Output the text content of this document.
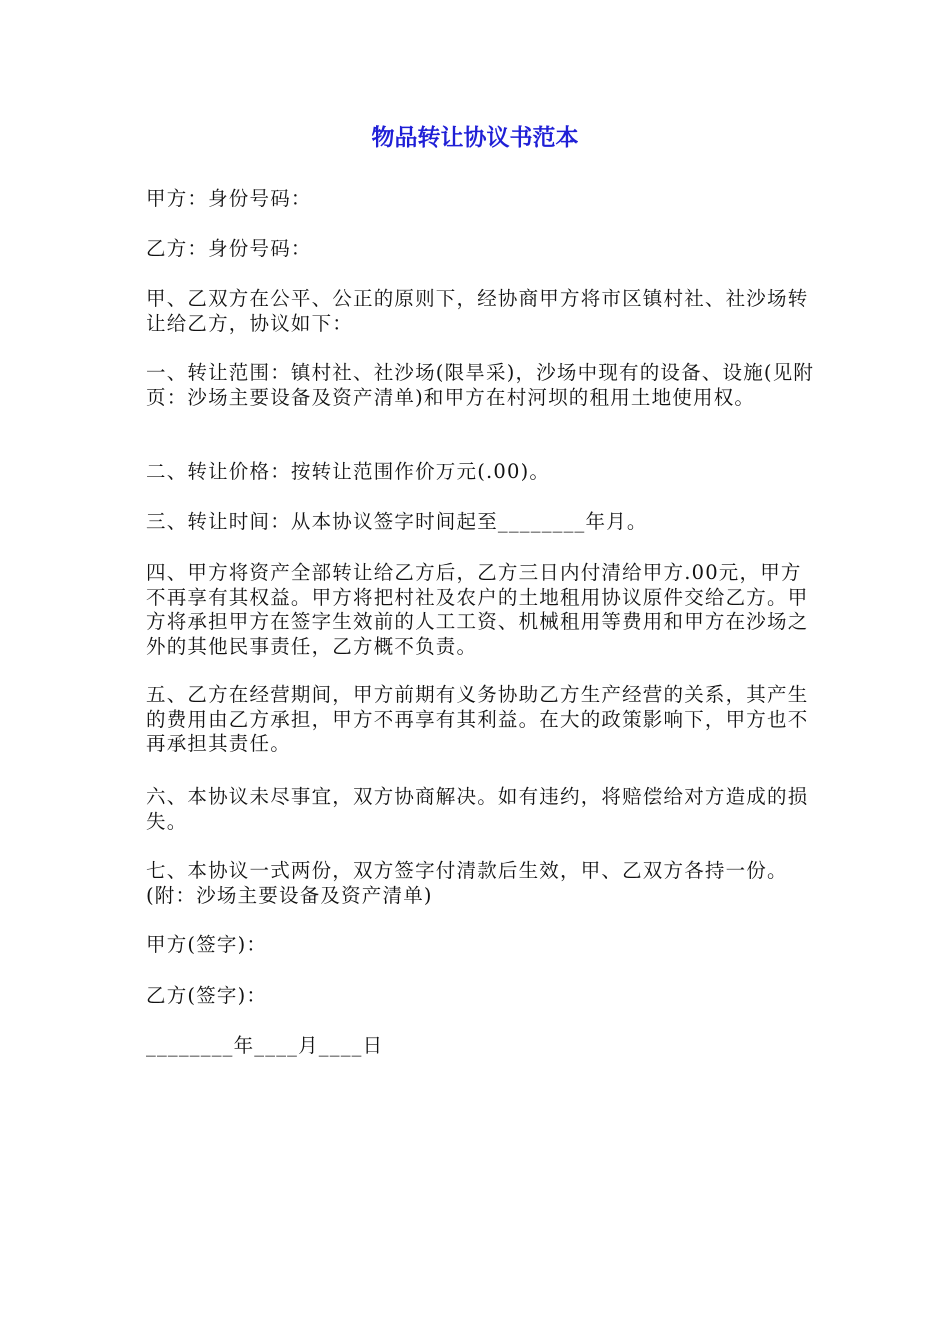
物品转让协议书范本
甲方：身份号码：
乙方：身份号码：
甲、乙双方在公平、公正的原则下，经协商甲方将市区镇村社、社沙场转让给乙方，协议如下：
一、转让范围：镇村社、社沙场(限旱采)，沙场中现有的设备、设施(见附页：沙场主要设备及资产清单)和甲方在村河坝的租用土地使用权。
二、转让价格：按转让范围作价万元(.00)。
三、转让时间：从本协议签字时间起至________年月。
四、甲方将资产全部转让给乙方后，乙方三日内付清给甲方.00元，甲方不再享有其权益。甲方将把村社及农户的土地租用协议原件交给乙方。甲方将承担甲方在签字生效前的人工工资、机械租用等费用和甲方在沙场之外的其他民事责任，乙方概不负责。
五、乙方在经营期间，甲方前期有义务协助乙方生产经营的关系，其产生的费用由乙方承担，甲方不再享有其利益。在大的政策影响下，甲方也不再承担其责任。
六、本协议未尽事宜，双方协商解决。如有违约，将赔偿给对方造成的损失。
七、本协议一式两份，双方签字付清款后生效，甲、乙双方各持一份。(附：沙场主要设备及资产清单)
甲方(签字)：
乙方(签字)：
________年____月____日
